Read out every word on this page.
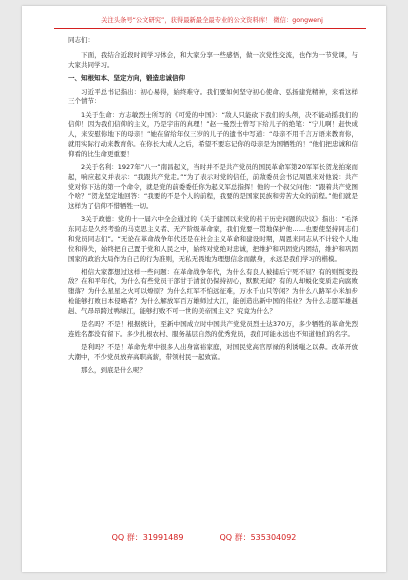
关注头条号“公文研究”，获得最新最全最专业的公文资料库！ 微信：gongwenj

同志们：

下面，我结合近段时间学习体会，和大家分享一些感悟，做一次党性交流，也作为一节党课，与大家共同学习。

一、知根知本、坚定方向，锻造忠诚信仰

习近平总书记指出：初心易得，始终难守。我们要如何坚守初心使命、弘扬建党精神，来看这样三个情节：

1关于生命：方志敏烈士所写的《可爱的中国》：“敌人只能砍下我们的头颅，决不能动摇我们的信仰！因为我们信仰的主义，乃是宇宙的真理！”赵一曼烈士曾写下给儿子的绝笔：“宁儿啊！赶快成人，来安慰你地下的母亲！”她在留给年仅三岁的儿子的遗书中写道：“母亲不用千言万语来教育你，就用实际行动来教育你。在你长大成人之后，希望不要忘记你的母亲是为国牺牲的！”他们把忠诚和信仰看的比生命更重要！

2关于名利：1927年“八一”南昌起义，当时并不是共产党员的国民革命军第20军军长贺龙拍案而起，响应起义并表示：“我跟共产党走。”“为了表示对党的信任，前敌委员会书记周恩来对他说：共产党对你下达的第一个命令，就是党的前委委任你为起义军总指挥！他的一个叔父问他：“跟着共产党图个啥？”贺龙坚定地回答：“我要的不是个人的前程，我要的是国家民族和劳苦大众的前程。”他们就是这样为了信仰不惜牺牲一切。

3关于政德：党的十一届六中全会通过的《关于建国以来党的若干历史问题的决议》指出：“毛泽东同志是久经考验的马克思主义者、无产阶级革命家，我们党要一贯地保护他……也要使坚持同志们和党员同志们”。“无论在革命战争年代还是在社会主义革命和建设时期，周恩来同志从不计较个人地位和得失，始终把自己置于党和人民之中，始终对党绝对忠诚，把维护和巩固党内团结，维护和巩固国家的政治大局作为自己的行为准则，无私无畏地为理想信念而献身，永远是我们学习的楷模。

相信大家都想过这样一些问题：在革命战争年代，为什么有良人被捕后宁死不屈？有的则叛变投敌？在和平年代，为什么有些党员干部甘于清贫仍保持初心，默默无闻？有的人却蜕化变质走向腐败堕落？为什么星星之火可以燎原？为什么红军不怕远征难，万水千山只等闲？为什么八路军小米加步枪能够打败日本侵略者？为什么解放军百万雄师过大江，能创造出新中国的伟业？为什么志愿军雄赳赳、气昂昂跨过鸭绿江，能够打败不可一世的美帝国主义？究竟为什么？

是名吗？不是！根据统计，至新中国成立时中国共产党党员烈士达370万，多少牺牲的革命先烈连姓名都没有留下。多少扎根农村、服务基层自然的优秀党员，我们可能永远也不知道他们的名字。

是利吗？不是！革命先辈中很多人出身富裕家庭，对国民党高官厚禄的利诱嗤之以鼻。改革开放大潮中，不少党员放弃高职高薪，带领村民一起致富。

那么，到底是什么呢？

QQ 群：31991489	QQ 群：535304092
